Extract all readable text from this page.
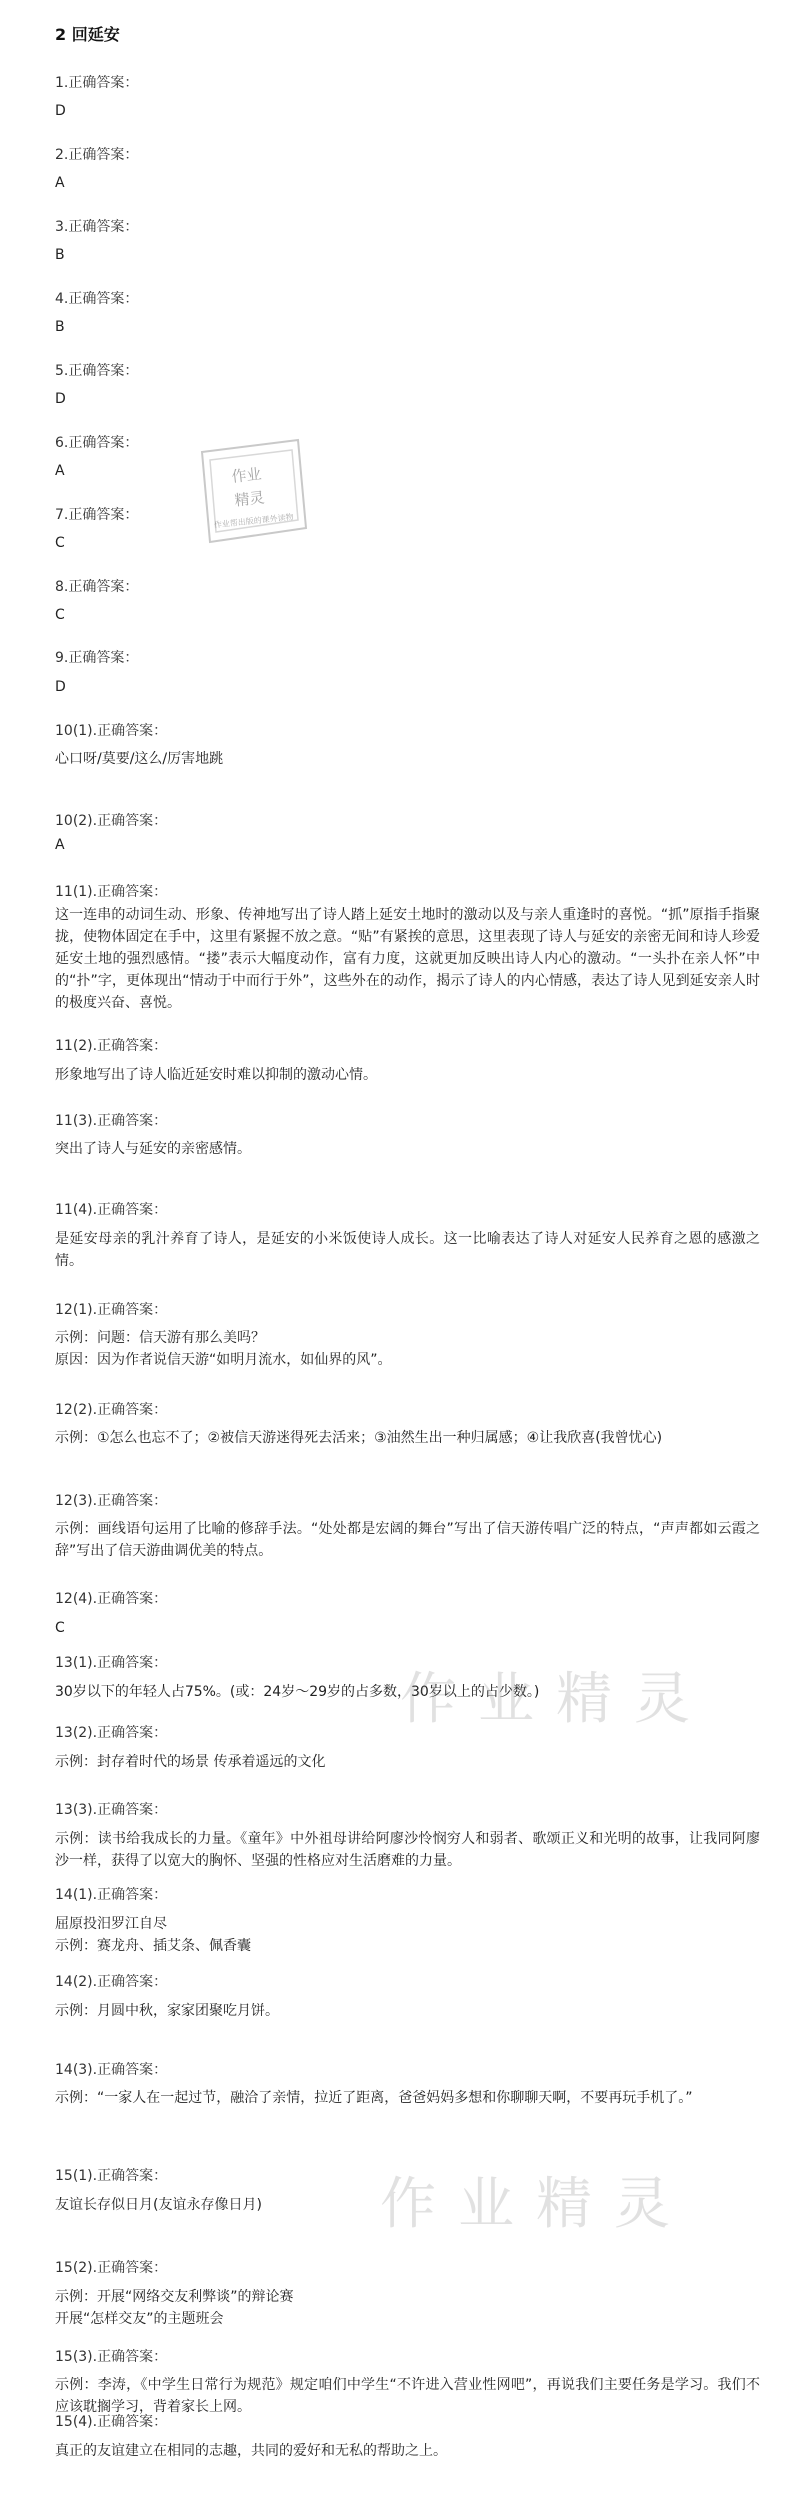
2 回延安
1.正确答案：
D
2.正确答案：
A
3.正确答案：
B
4.正确答案：
B
5.正确答案：
D
6.正确答案：
A
7.正确答案：
C
8.正确答案：
C
9.正确答案：
D
10(1).正确答案：
心口呀/莫要/这么/厉害地跳
10(2).正确答案：
A
11(1).正确答案：
这一连串的动词生动、形象、传神地写出了诗人踏上延安土地时的激动以及与亲人重逢时的喜悦。“抓”原指手指聚拢，使物体固定在手中，这里有紧握不放之意。“贴”有紧挨的意思，这里表现了诗人与延安的亲密无间和诗人珍爱延安土地的强烈感情。“搂”表示大幅度动作，富有力度，这就更加反映出诗人内心的激动。“一头扑在亲人怀”中的“扑”字，更体现出“情动于中而行于外”，这些外在的动作，揭示了诗人的内心情感，表达了诗人见到延安亲人时的极度兴奋、喜悦。
11(2).正确答案：
形象地写出了诗人临近延安时难以抑制的激动心情。
11(3).正确答案：
突出了诗人与延安的亲密感情。
11(4).正确答案：
是延安母亲的乳汁养育了诗人，是延安的小米饭使诗人成长。这一比喻表达了诗人对延安人民养育之恩的感激之情。
12(1).正确答案：
示例：问题：信天游有那么美吗？
原因：因为作者说信天游“如明月流水，如仙界的风”。
12(2).正确答案：
示例：①怎么也忘不了；②被信天游迷得死去活来；③油然生出一种归属感；④让我欣喜(我曾忧心)
12(3).正确答案：
示例：画线语句运用了比喻的修辞手法。“处处都是宏阔的舞台”写出了信天游传唱广泛的特点，“声声都如云霞之辞”写出了信天游曲调优美的特点。
12(4).正确答案：
C
13(1).正确答案：
30岁以下的年轻人占75%。(或：24岁～29岁的占多数，30岁以上的占少数。)
13(2).正确答案：
示例：封存着时代的场景 传承着遥远的文化
13(3).正确答案：
示例：读书给我成长的力量。《童年》中外祖母讲给阿廖沙怜悯穷人和弱者、歌颂正义和光明的故事，让我同阿廖沙一样，获得了以宽大的胸怀、坚强的性格应对生活磨难的力量。
14(1).正确答案：
屈原投汨罗江自尽
示例：赛龙舟、插艾条、佩香囊
14(2).正确答案：
示例：月圆中秋，家家团聚吃月饼。
14(3).正确答案：
示例：“一家人在一起过节，融洽了亲情，拉近了距离，爸爸妈妈多想和你聊聊天啊，不要再玩手机了。”
15(1).正确答案：
友谊长存似日月(友谊永存像日月)
15(2).正确答案：
示例：开展“网络交友利弊谈”的辩论赛
开展“怎样交友”的主题班会
15(3).正确答案：
示例：李涛，《中学生日常行为规范》规定咱们中学生“不许进入营业性网吧”，再说我们主要任务是学习。我们不应该耽搁学习，背着家长上网。
15(4).正确答案：
真正的友谊建立在相同的志趣，共同的爱好和无私的帮助之上。
作业
精灵
作业帮出版的课外读物
作业精灵
作业精灵
